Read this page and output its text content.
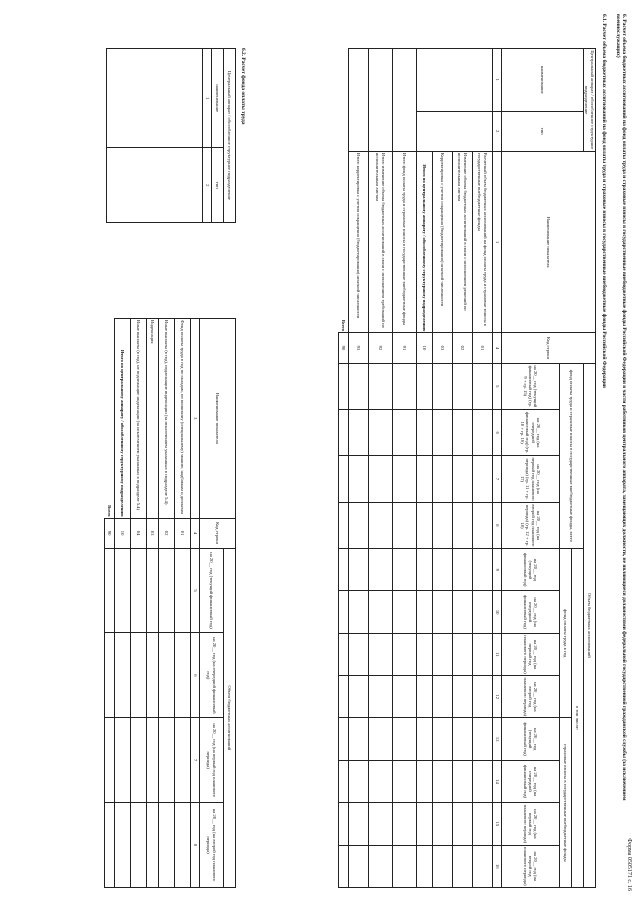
Форма 0505171 с. 16
6. Расчет объема бюджетных ассигнований на фонд оплаты труда и страховые взносы в государственные внебюджетные фонды Российской Федерации в части работников центрального аппарата, замещающих должности, не являющиеся должностями федеральной государственной гражданской службы (за исключением военнослужащих)
6.1. Расчет объема бюджетных ассигнований на фонд оплаты труда и страховые взносы в государственные внебюджетные фонды Российской Федерации
Центральный аппарат / обособленное структурное подразделение		Наименование показателя	Код строки	Объем бюджетных ассигнований											
наименование	тип			фонд оплаты труда и страховые взносы в государственные внебюджетные фонды, всего				в том числе:							
								фонд оплаты труда в год				страховые взносы в государственные внебюджетные фонды			
				на 20__ год (текущий финансовый год) (гр. 9 + гр. 15)	на 20__ год (на очередной финансовый год) (гр. 10 + гр. 16)	на 20__ год (на первый год планового периода) (гр. 11 + гр. 17)	на 20__ год (на второй год планового периода) (гр. 12 + гр. 18)	на 20__ год (текущий финансовый год)	на 20__ год (на очередной финансовый год)	на 20__ год (на первый год планового периода)	на 20__ год (на второй год планового периода)	на 20__ год (текущий финансовый год)	на 20__ год (на очередной финансовый год)	на 20__ год (на первый год планового периода)	на 20__ год (на второй год планового периода)
1	2	1	4	5	6	7	8	9	10	11	12	13	14	15	16
		Расчетный объем бюджетных ассигнований на фонд оплаты труда и страховые взносы в государственные внебюджетные фонды	01												
		Изменение объема бюджетных ассигнований в связи с исполнением решений по исполнительным листам	02												
		Корректировка с учетом сокращения (бюджетирования) штатной численности	03												
		Итого по центральному аппарату / обособленному структурному подразделению	10												
		Итого фонд оплаты труда и страховые взносы в государственные внебюджетные фонды	91												
		Итого изменение объема бюджетных ассигнований в связи с исполнением требований по исполнительным листам	92												
		Итого корректировка с учетом сокращения (бюджетирования) штатной численности	93												
Всего			90												
6.2. Расчет фонда оплаты труда
Центральный аппарат / обособленное структурное подразделение	
наименование	тип
1	2

Наименование показателя	Код строки	Объем бюджетных ассигнований			
		на 20__ год (текущий финансовый год)	на 20__ год (на очередной финансовый год)	на 20__ год (на первый год планового периода)	на 20__ год (на второй год планового периода)
3	4	5	6	7	8
Фонд оплаты труда в год по окладам, по воинскому (специальному) званию, надбавкам и доплатам	01				
Иные выплаты (в год), подлежащие индексации (за исключением указанных в подразделе 5.4)	02				
Индексация	03				
Иные выплаты (в год), не подлежащие индексации (за исключением указанных в подразделе 5.4)	04				
Итого по центральному аппарату / обособленному структурному подразделению	10				
Всего	90				
